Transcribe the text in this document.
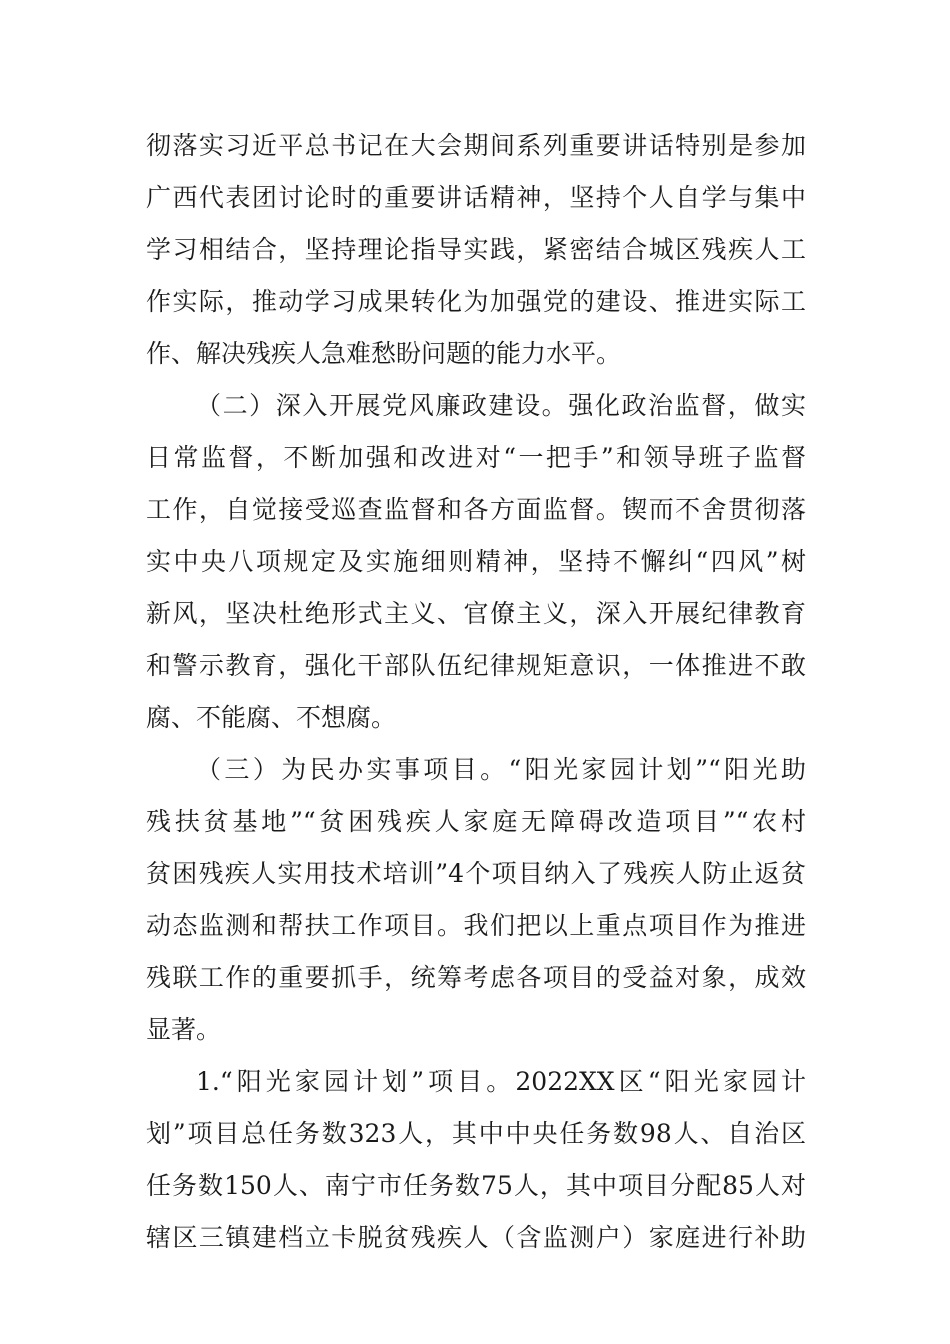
彻落实习近平总书记在大会期间系列重要讲话特别是参加
广西代表团讨论时的重要讲话精神，坚持个人自学与集中
学习相结合，坚持理论指导实践，紧密结合城区残疾人工
作实际，推动学习成果转化为加强党的建设、推进实际工
作、解决残疾人急难愁盼问题的能力水平。
（二）深入开展党风廉政建设。强化政治监督，做实
日常监督，不断加强和改进对“一把手”和领导班子监督
工作，自觉接受巡查监督和各方面监督。锲而不舍贯彻落
实中央八项规定及实施细则精神，坚持不懈纠“四风”树
新风，坚决杜绝形式主义、官僚主义，深入开展纪律教育
和警示教育，强化干部队伍纪律规矩意识，一体推进不敢
腐、不能腐、不想腐。
（三）为民办实事项目。“阳光家园计划”“阳光助
残扶贫基地”“贫困残疾人家庭无障碍改造项目”“农村
贫困残疾人实用技术培训”4个项目纳入了残疾人防止返贫
动态监测和帮扶工作项目。我们把以上重点项目作为推进
残联工作的重要抓手，统筹考虑各项目的受益对象，成效
显著。
1.“阳光家园计划”项目。2022XX区“阳光家园计
划”项目总任务数323人，其中中央任务数98人、自治区
任务数150人、南宁市任务数75人，其中项目分配85人对
辖区三镇建档立卡脱贫残疾人（含监测户）家庭进行补助
